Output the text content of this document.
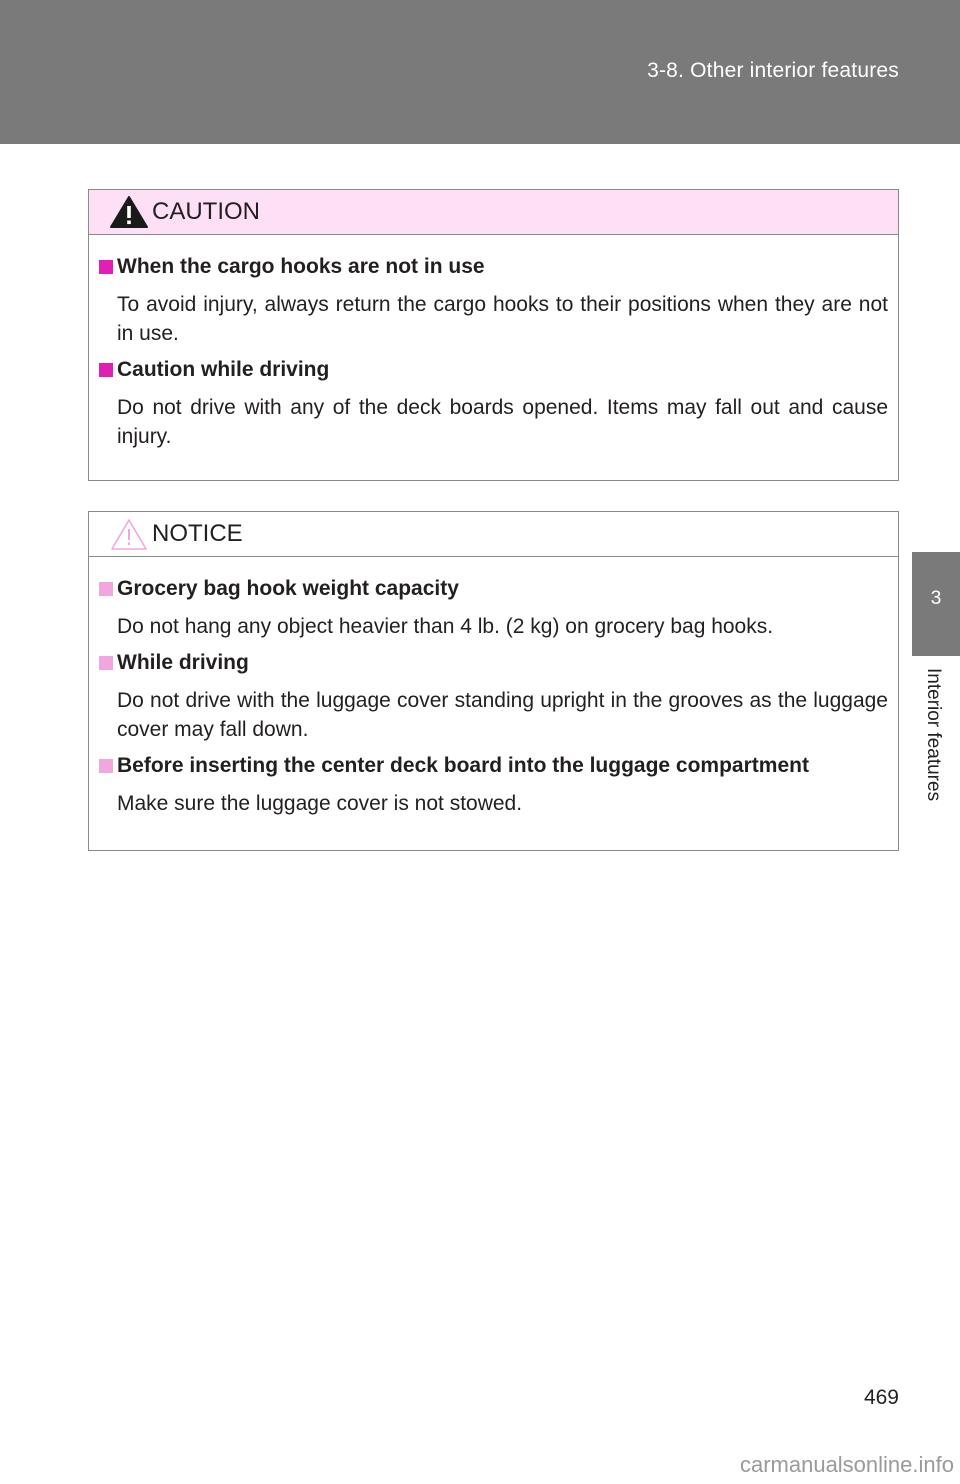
3-8. Other interior features
3
Interior features
CAUTION
When the cargo hooks are not in use
To avoid injury, always return the cargo hooks to their positions when they are not in use.
Caution while driving
Do not drive with any of the deck boards opened. Items may fall out and cause injury.
NOTICE
Grocery bag hook weight capacity
Do not hang any object heavier than 4 lb. (2 kg) on grocery bag hooks.
While driving
Do not drive with the luggage cover standing upright in the grooves as the luggage cover may fall down.
Before inserting the center deck board into the luggage compartment
Make sure the luggage cover is not stowed.
469
carmanualsonline.info
